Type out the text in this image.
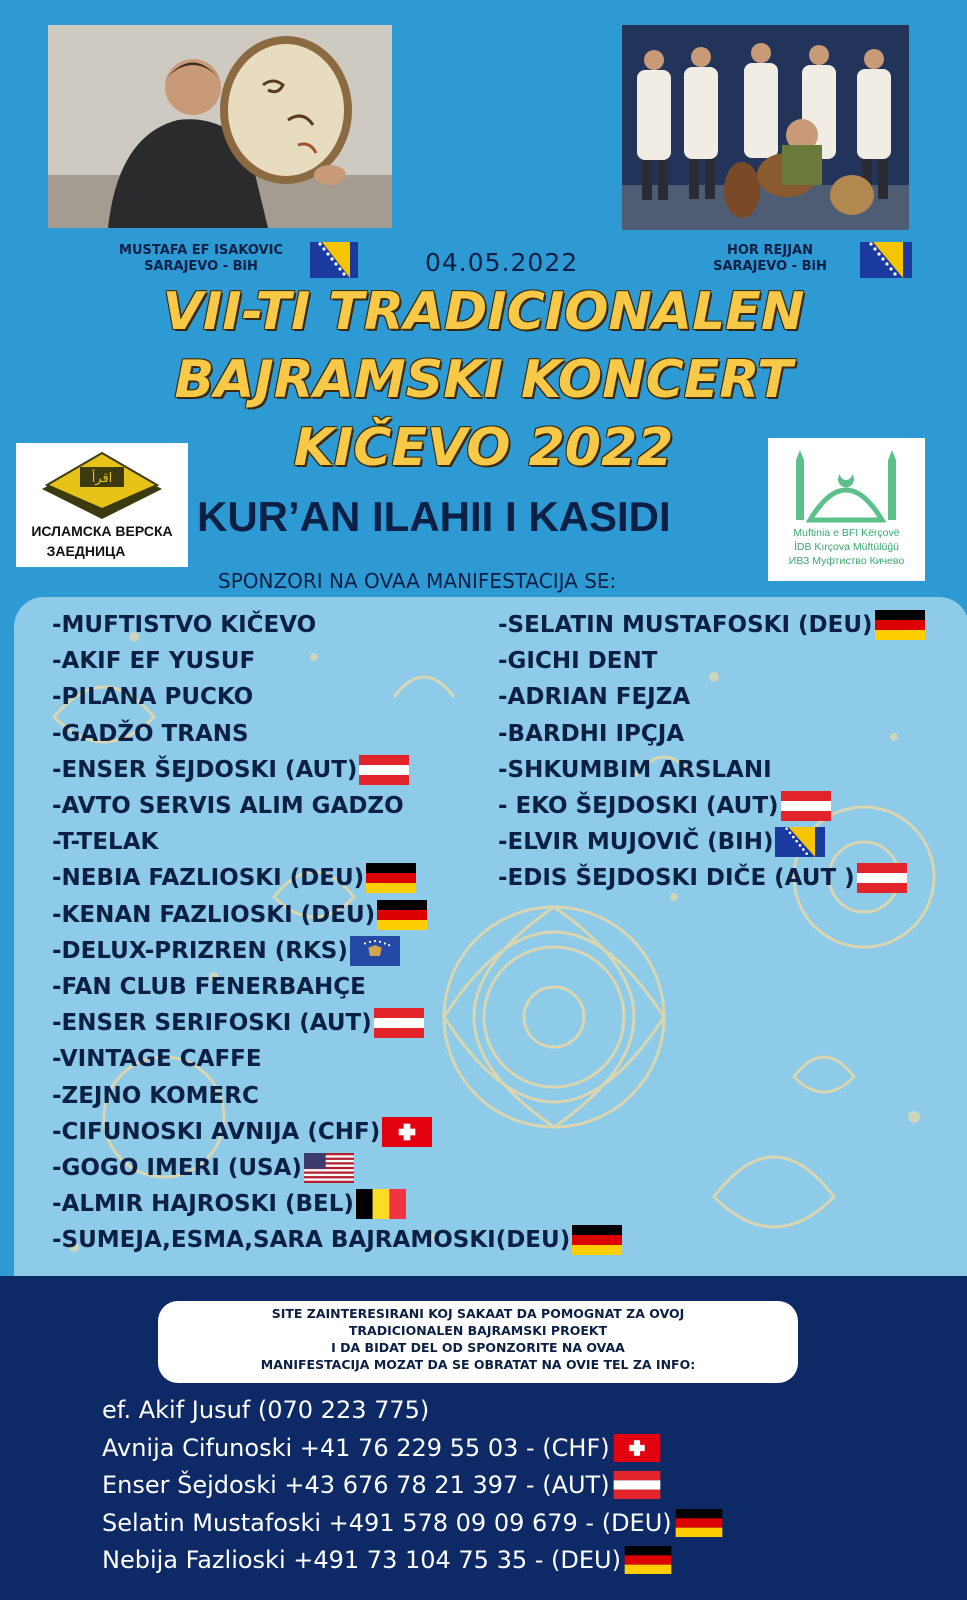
MUSTAFA EF ISAKOVIC
SARAJEVO - BiH	04.05.2022	HOR REJJAN
SARAJEVO - BiH
VII-TI TRADICIONALEN
BAJRAMSKI KONCERT
KIČEVO 2022
اقرأ
ИСЛАМСКА ВЕРСКА
ЗАЕДНИЦА
KUR’AN ILAHII I KASIDI	Muftinia e BFI Kërçovë
İDB Kırçova Müftülüğü
ИВЗ Муфтиство Кичево
SPONZORI NA OVAA MANIFESTACIJA SE:
-MUFTISTVO KIČEVO
-AKIF EF YUSUF
-PILANA PUCKO
-GADŽO TRANS
-ENSER ŠEJDOSKI (AUT)
-AVTO SERVIS ALIM GADZO
-T-TELAK
-NEBIA FAZLIOSKI (DEU)
-KENAN FAZLIOSKI (DEU)
-DELUX-PRIZREN (RKS)
-FAN CLUB FENERBAHÇE
-ENSER SERIFOSKI (AUT)
-VINTAGE CAFFE
-ZEJNO KOMERC
-CIFUNOSKI AVNIJA (CHF)
-GOGO IMERI (USA)
-ALMIR HAJROSKI (BEL)
-SUMEJA,ESMA,SARA BAJRAMOSKI(DEU)
-SELATIN MUSTAFOSKI (DEU)
-GICHI DENT
-ADRIAN FEJZA
-BARDHI IPÇJA
-SHKUMBIM ARSLANI
- EKO ŠEJDOSKI (AUT)
-ELVIR MUJOVIČ (BIH)
-EDIS ŠEJDOSKI DIČE (AUT )
SITE ZAINTERESIRANI KOJ SAKAAT DA POMOGNAT ZA OVOJ
TRADICIONALEN BAJRAMSKI PROEKT
I DA BIDAT DEL OD SPONZORITE NA OVAA
MANIFESTACIJA MOZAT DA SE OBRATAT NA OVIE TEL ZA INFO:
ef. Akif Jusuf (070 223 775)
Avnija Cifunoski +41 76 229 55 03 - (CHF)
Enser Šejdoski +43 676 78 21 397 - (AUT)
Selatin Mustafoski +491 578 09 09 679 - (DEU)
Nebija Fazlioski +491 73 104 75 35 - (DEU)
